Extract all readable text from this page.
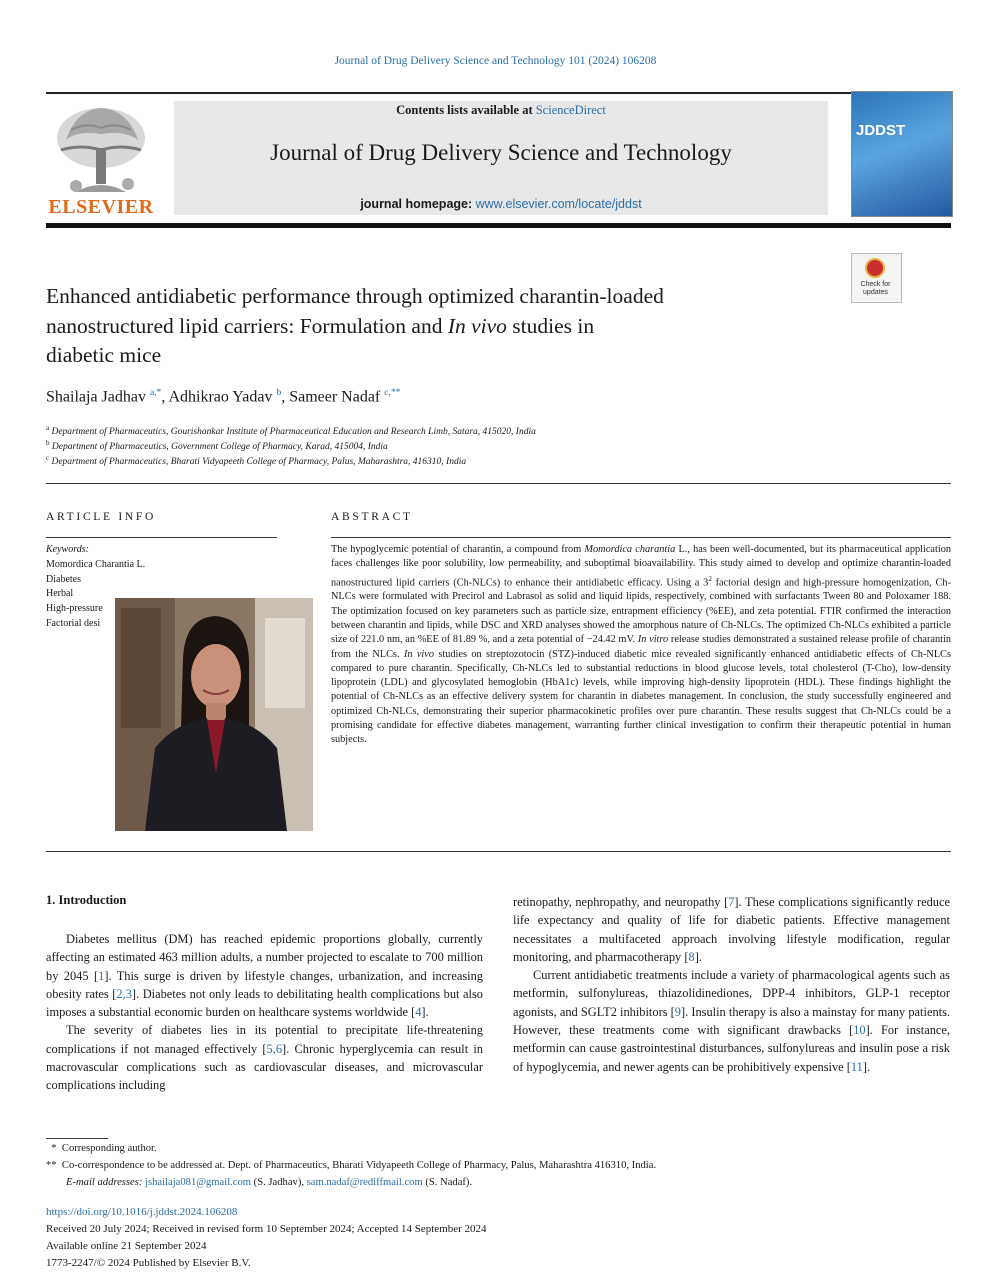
Journal of Drug Delivery Science and Technology 101 (2024) 106208
ELSEVIER
Contents lists available at ScienceDirect
Journal of Drug Delivery Science and Technology
journal homepage: www.elsevier.com/locate/jddst
JDDST
Check for updates
Enhanced antidiabetic performance through optimized charantin-loaded
nanostructured lipid carriers: Formulation and In vivo studies in
diabetic mice
Shailaja Jadhav $^{a,*}$, Adhikrao Yadav $^b$, Sameer Nadaf $^{c,**}$
$^a$ Department of Pharmaceutics, Gourishankar Institute of Pharmaceutical Education and Research Limb, Satara, 415020, India
$^b$ Department of Pharmaceutics, Government College of Pharmacy, Karad, 415004, India
$^c$ Department of Pharmaceutics, Bharati Vidyapeeth College of Pharmacy, Palus, Maharashtra, 416310, India
ARTICLE INFO	ABSTRACT
Keywords:
Momordica Charantia L.
Diabetes
Herbal
High-pressure
Factorial desi
The hypoglycemic potential of charantin, a compound from Momordica charantia L., has been well-documented, but its pharmaceutical application faces challenges like poor solubility, low permeability, and suboptimal bioavailability. This study aimed to develop and optimize charantin-loaded nanostructured lipid carriers (Ch-NLCs) to enhance their antidiabetic efficacy. Using a $3^2$ factorial design and high-pressure homogenization, Ch-NLCs were formulated with Precirol and Labrasol as solid and liquid lipids, respectively, combined with surfactants Tween 80 and Poloxamer 188. The optimization focused on key parameters such as particle size, entrapment efficiency (%EE), and zeta potential. FTIR confirmed the interaction between charantin and lipids, while DSC and XRD analyses showed the amorphous nature of Ch-NLCs. The optimized Ch-NLCs exhibited a particle size of 221.0 nm, an %EE of 81.89 %, and a zeta potential of −24.42 mV. In vitro release studies demonstrated a sustained release profile of charantin from the NLCs. In vivo studies on streptozotocin (STZ)-induced diabetic mice revealed significantly enhanced antidiabetic effects of Ch-NLCs compared to pure charantin. Specifically, Ch-NLCs led to substantial reductions in blood glucose levels, total cholesterol (T-Cho), low-density lipoprotein (LDL) and glycosylated hemoglobin (HbA1c) levels, while improving high-density lipoprotein (HDL). These findings highlight the potential of Ch-NLCs as an effective delivery system for charantin in diabetes management. In conclusion, the study successfully engineered and optimized Ch-NLCs, demonstrating their superior pharmacokinetic profiles over pure charantin. These results suggest that Ch-NLCs could be a promising candidate for effective diabetes management, warranting further clinical investigation to confirm their therapeutic potential in human subjects.
1. Introduction

Diabetes mellitus (DM) has reached epidemic proportions globally, currently affecting an estimated 463 million adults, a number projected to escalate to 700 million by 2045 [1]. This surge is driven by lifestyle changes, urbanization, and increasing obesity rates [2,3]. Diabetes not only leads to debilitating health complications but also imposes a substantial economic burden on healthcare systems worldwide [4].

The severity of diabetes lies in its potential to precipitate life-threatening complications if not managed effectively [5,6]. Chronic hyperglycemia can result in macrovascular complications such as cardiovascular diseases, and microvascular complications including

retinopathy, nephropathy, and neuropathy [7]. These complications significantly reduce life expectancy and quality of life for diabetic patients. Effective management necessitates a multifaceted approach involving lifestyle modification, regular monitoring, and pharmacotherapy [8].

Current antidiabetic treatments include a variety of pharmacological agents such as metformin, sulfonylureas, thiazolidinediones, DPP-4 inhibitors, GLP-1 receptor agonists, and SGLT2 inhibitors [9]. Insulin therapy is also a mainstay for many patients. However, these treatments come with significant drawbacks [10]. For instance, metformin can cause gastrointestinal disturbances, sulfonylureas and insulin pose a risk of hypoglycemia, and newer agents can be prohibitively expensive [11].

* Corresponding author.
** Co-correspondence to be addressed at. Dept. of Pharmaceutics, Bharati Vidyapeeth College of Pharmacy, Palus, Maharashtra 416310, India.
E-mail addresses: jshailaja081@gmail.com (S. Jadhav), sam.nadaf@rediffmail.com (S. Nadaf).
https://doi.org/10.1016/j.jddst.2024.106208
Received 20 July 2024; Received in revised form 10 September 2024; Accepted 14 September 2024
Available online 21 September 2024
1773-2247/© 2024 Published by Elsevier B.V.
